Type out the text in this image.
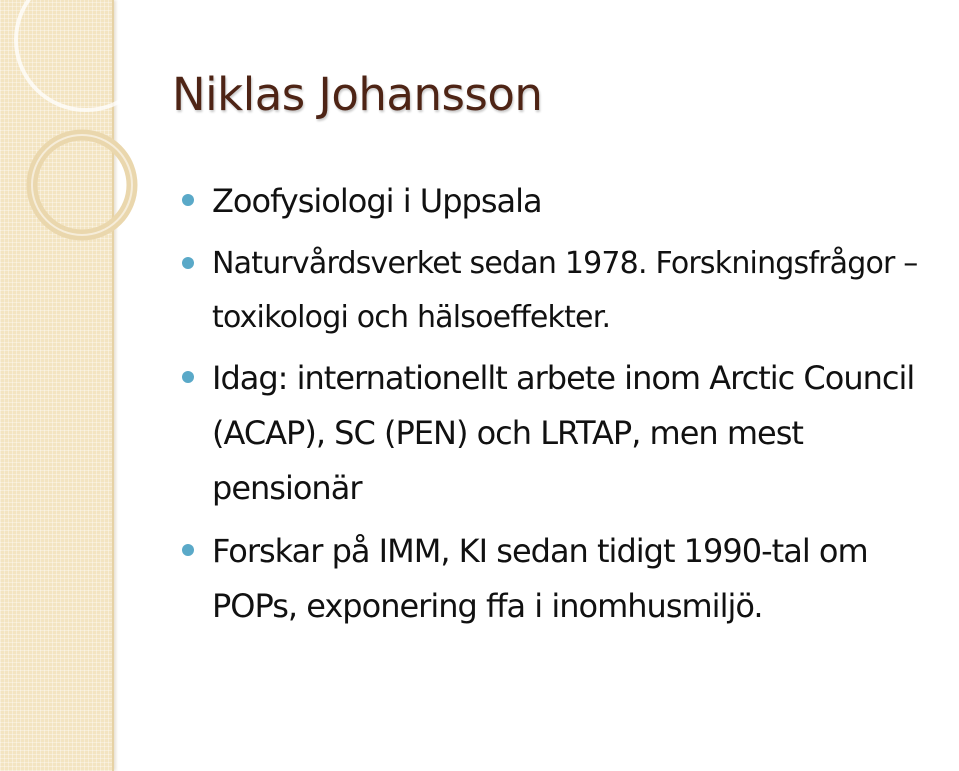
Niklas Johansson
Zoofysiologi i Uppsala
Naturvårdsverket sedan 1978. Forskningsfrågor – toxikologi och hälsoeffekter.
Idag: internationellt arbete inom Arctic Council (ACAP), SC (PEN) och LRTAP, men mest pensionär
Forskar på IMM, KI sedan tidigt 1990-tal om POPs, exponering ffa i inomhusmiljö.
